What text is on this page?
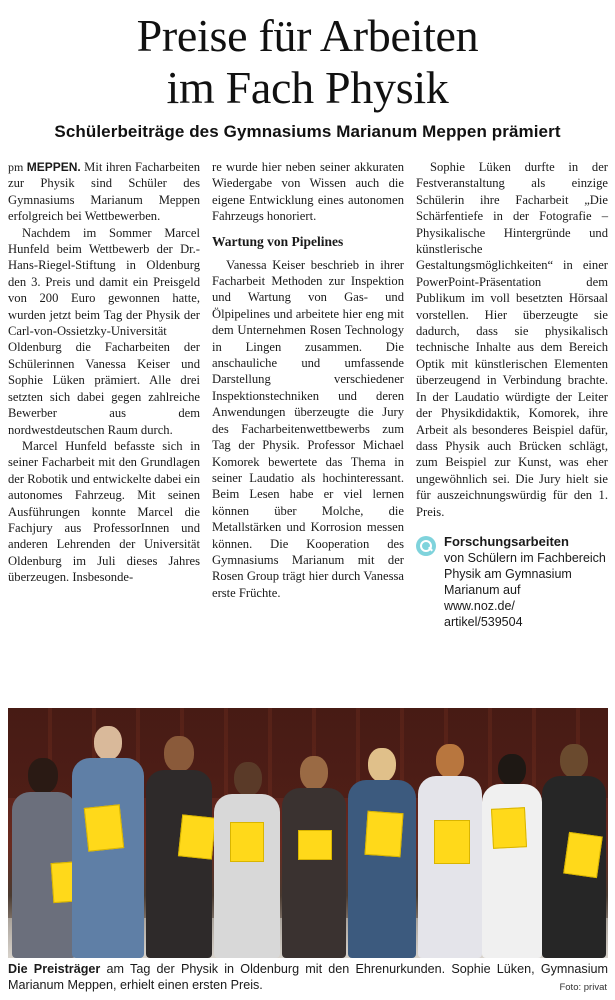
Preise für Arbeiten
im Fach Physik
Schülerbeiträge des Gymnasiums Marianum Meppen prämiert

pm MEPPEN. Mit ihren Facharbeiten zur Physik sind Schüler des Gymnasiums Marianum Meppen erfolgreich bei Wettbewerben.

Nachdem im Sommer Marcel Hunfeld beim Wettbewerb der Dr.-Hans-Riegel-Stiftung in Oldenburg den 3. Preis und damit ein Preisgeld von 200 Euro gewonnen hatte, wurden jetzt beim Tag der Physik der Carl-von-Ossietzky-Universität Oldenburg die Facharbeiten der Schülerinnen Vanessa Keiser und Sophie Lüken prämiert. Alle drei setzten sich dabei gegen zahlreiche Bewerber aus dem nordwestdeutschen Raum durch.

Marcel Hunfeld befasste sich in seiner Facharbeit mit den Grundlagen der Robotik und entwickelte dabei ein autonomes Fahrzeug. Mit seinen Ausführungen konnte Marcel die Fachjury aus ProfessorInnen und anderen Lehrenden der Universität Oldenburg im Juli dieses Jahres überzeugen. Insbesonde-

re wurde hier neben seiner akkuraten Wiedergabe von Wissen auch die eigene Entwicklung eines autonomen Fahrzeugs honoriert.

Wartung von Pipelines

Vanessa Keiser beschrieb in ihrer Facharbeit Methoden zur Inspektion und Wartung von Gas- und Ölpipelines und arbeitete hier eng mit dem Unternehmen Rosen Technology in Lingen zusammen. Die anschauliche und umfassende Darstellung verschiedener Inspektionstechniken und deren Anwendungen überzeugte die Jury des Facharbeitenwettbewerbs zum Tag der Physik. Professor Michael Komorek bewertete das Thema in seiner Laudatio als hochinteressant. Beim Lesen habe er viel lernen können über Molche, die Metallstärken und Korrosion messen können. Die Kooperation des Gymnasiums Marianum mit der Rosen Group trägt hier durch Vanessa erste Früchte.

Sophie Lüken durfte in der Festveranstaltung als einzige Schülerin ihre Facharbeit „Die Schärfentiefe in der Fotografie – Physikalische Hintergründe und künstlerische Gestaltungsmöglichkeiten“ in einer PowerPoint-Präsentation dem Publikum im voll besetzten Hörsaal vorstellen. Hier überzeugte sie dadurch, dass sie physikalisch technische Inhalte aus dem Bereich Optik mit künstlerischen Elementen überzeugend in Verbindung brachte. In der Laudatio würdigte der Leiter der Physikdidaktik, Komorek, ihre Arbeit als besonderes Beispiel dafür, dass Physik auch Brücken schlägt, zum Beispiel zur Kunst, was eher ungewöhnlich sei. Die Jury hielt sie für auszeichnungswürdig für den 1. Preis.

Forschungsarbeiten
von Schülern im Fachbereich Physik am Gymnasium Marianum auf
www.noz.de/
artikel/539504
Die Preisträger am Tag der Physik in Oldenburg mit den Ehrenurkunden. Sophie Lüken, Gymnasium Marianum Meppen, erhielt einen ersten Preis.	Foto: privat
